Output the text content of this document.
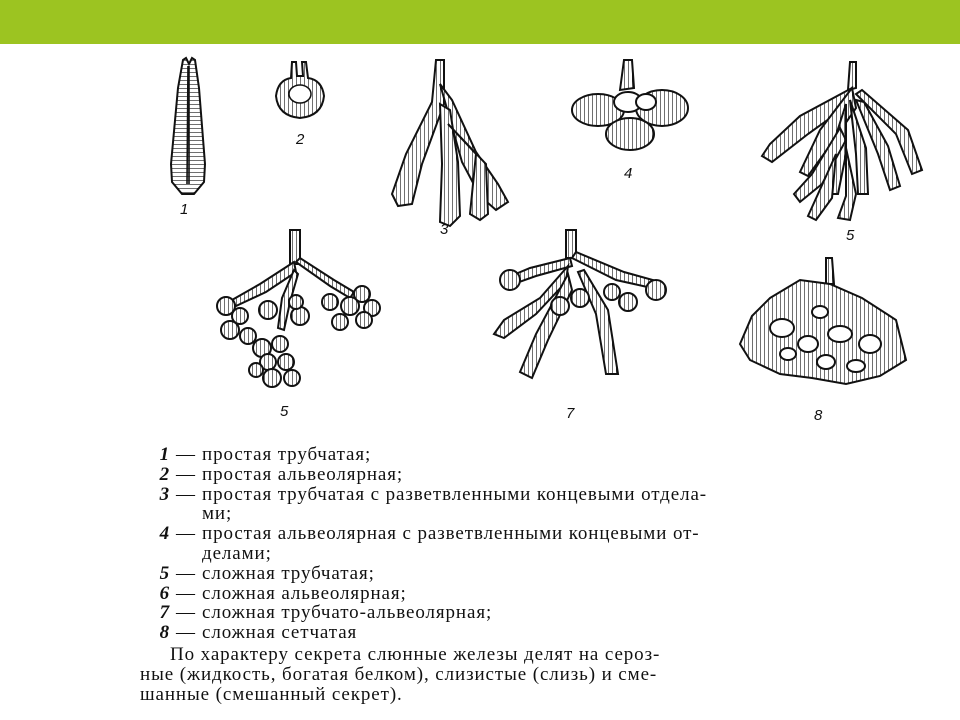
1
2
3
4
5
5	7	8
1 — простая трубчатая;
2 — простая альвеолярная;
3 — простая трубчатая с разветвленными концевыми отдела-
ми;
4 — простая альвеолярная с разветвленными концевыми от-
делами;
5 — сложная трубчатая;
6 — сложная альвеолярная;
7 — сложная трубчато-альвеолярная;
8 — сложная сетчатая
По характеру секрета слюнные железы делят на сероз-
ные (жидкость, богатая белком), слизистые (слизь) и сме-
шанные (смешанный секрет).
